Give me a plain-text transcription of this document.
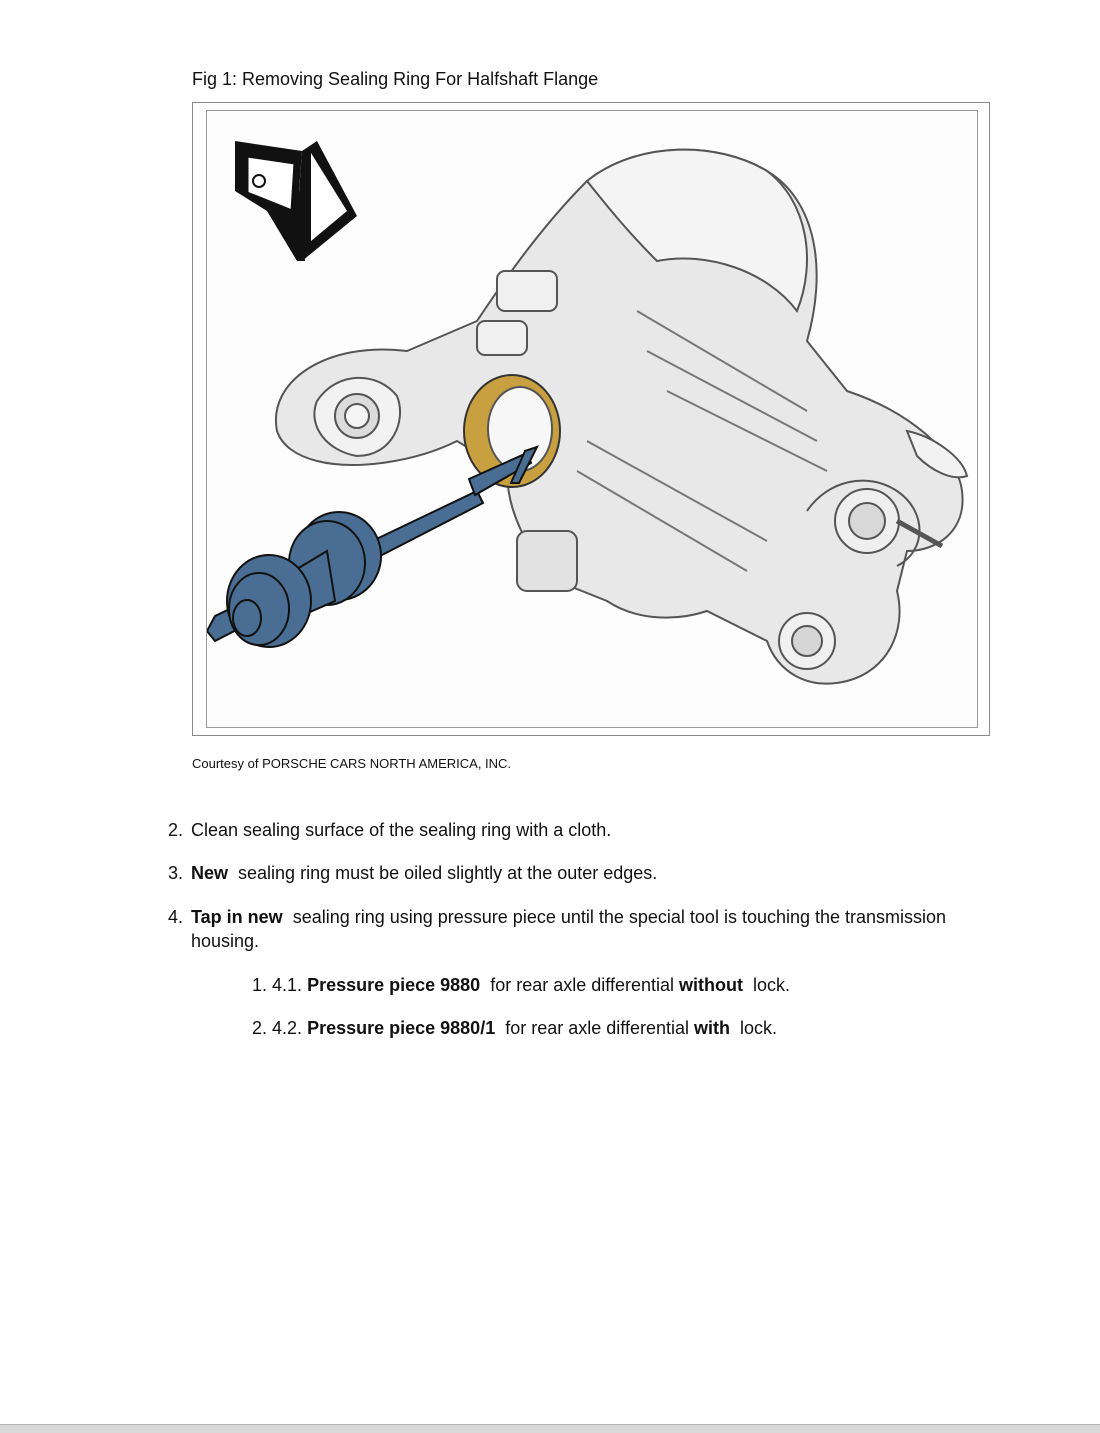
Fig 1: Removing Sealing Ring For Halfshaft Flange
Courtesy of PORSCHE CARS NORTH AMERICA, INC.
2. Clean sealing surface of the sealing ring with a cloth.
3. New sealing ring must be oiled slightly at the outer edges.
4. Tap in new sealing ring using pressure piece until the special tool is touching the transmission housing.
1. 4.1. Pressure piece 9880 for rear axle differential without lock.
2. 4.2. Pressure piece 9880/1 for rear axle differential with lock.
